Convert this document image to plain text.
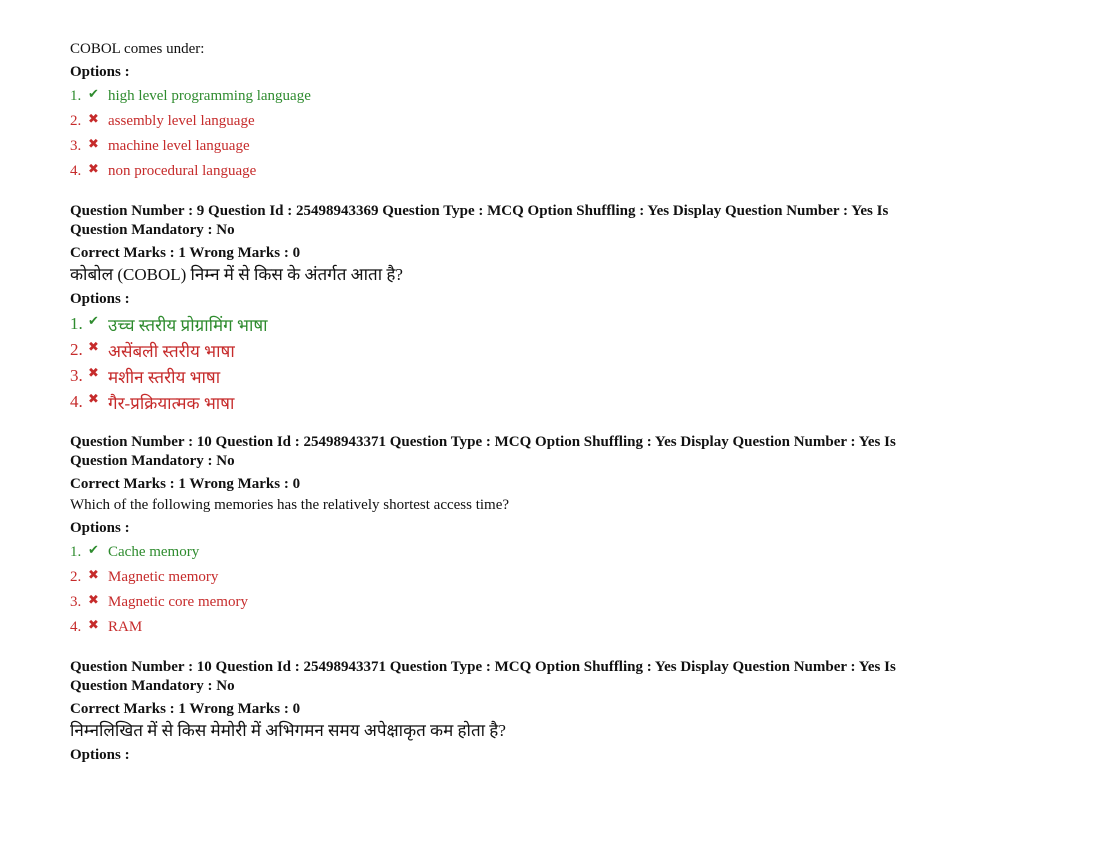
COBOL comes under:
Options :
1. ✔ high level programming language
2. ✖ assembly level language
3. ✖ machine level language
4. ✖ non procedural language
Question Number : 9 Question Id : 25498943369 Question Type : MCQ Option Shuffling : Yes Display Question Number : Yes Is
Question Mandatory : No
Correct Marks : 1 Wrong Marks : 0
कोबोल (COBOL) निम्न में से किस के अंतर्गत आता है?
Options :
1. ✔ उच्च स्तरीय प्रोग्रामिंग भाषा
2. ✖ असेंबली स्तरीय भाषा
3. ✖ मशीन स्तरीय भाषा
4. ✖ गैर-प्रक्रियात्मक भाषा
Question Number : 10 Question Id : 25498943371 Question Type : MCQ Option Shuffling : Yes Display Question Number : Yes Is
Question Mandatory : No
Correct Marks : 1 Wrong Marks : 0
Which of the following memories has the relatively shortest access time?
Options :
1. ✔ Cache memory
2. ✖ Magnetic memory
3. ✖ Magnetic core memory
4. ✖ RAM
Question Number : 10 Question Id : 25498943371 Question Type : MCQ Option Shuffling : Yes Display Question Number : Yes Is
Question Mandatory : No
Correct Marks : 1 Wrong Marks : 0
निम्नलिखित में से किस मेमोरी में अभिगमन समय अपेक्षाकृत कम होता है?
Options :
